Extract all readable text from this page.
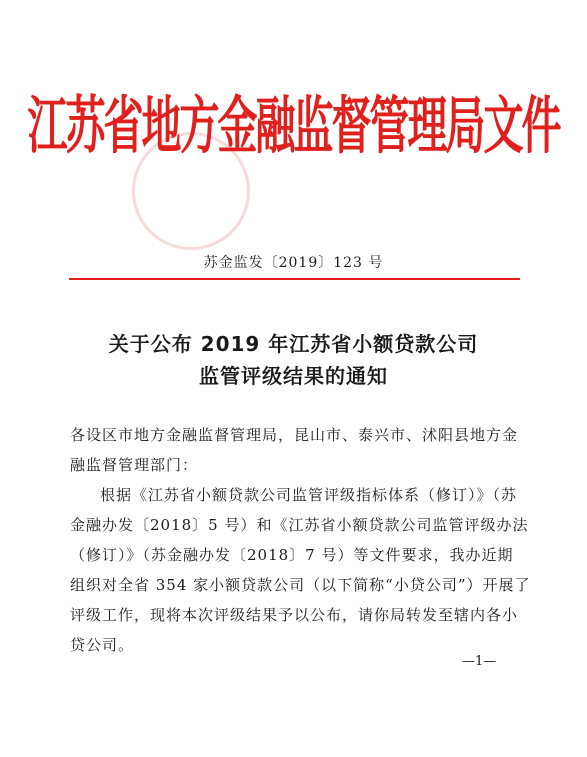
江苏省地方金融监督管理局文件
苏金监发〔2019〕123 号
关于公布 2019 年江苏省小额贷款公司
监管评级结果的通知
各设区市地方金融监督管理局，昆山市、泰兴市、沭阳县地方金
融监督管理部门：
根据《江苏省小额贷款公司监管评级指标体系（修订）》（苏
金融办发〔2018〕5 号）和《江苏省小额贷款公司监管评级办法
（修订）》（苏金融办发〔2018〕7 号）等文件要求，我办近期
组织对全省 354 家小额贷款公司（以下简称“小贷公司”）开展了
评级工作，现将本次评级结果予以公布，请你局转发至辖内各小
贷公司。
—1—
